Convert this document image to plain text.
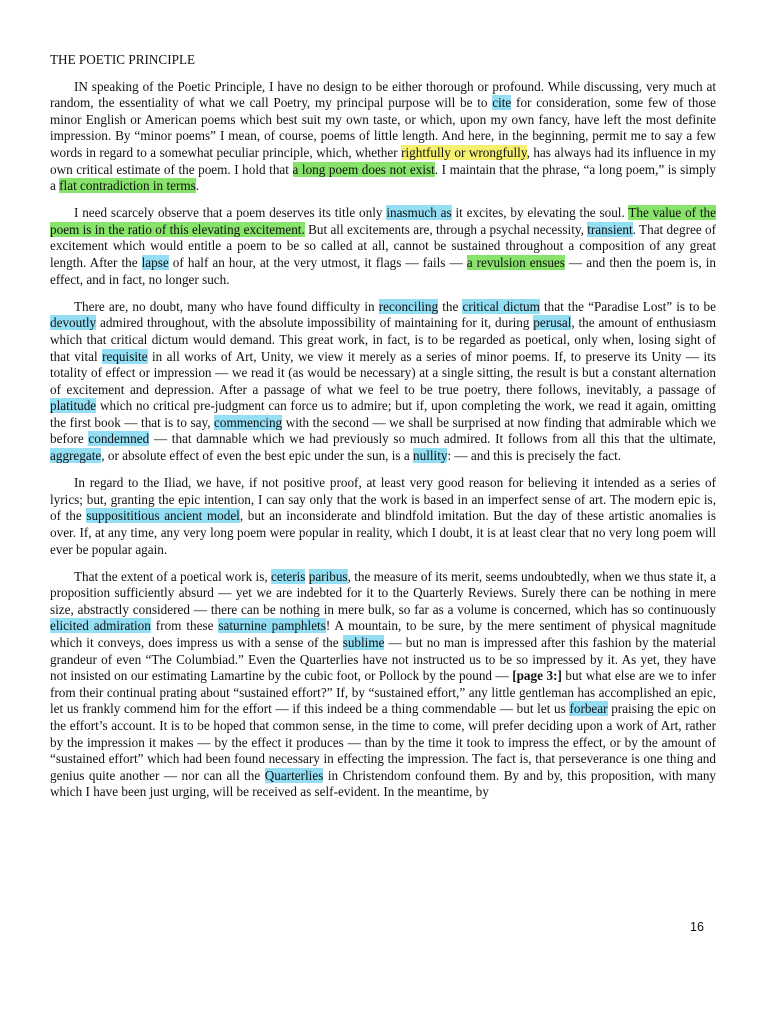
THE POETIC PRINCIPLE

IN speaking of the Poetic Principle, I have no design to be either thorough or profound. While discussing, very much at random, the essentiality of what we call Poetry, my principal purpose will be to cite for consideration, some few of those minor English or American poems which best suit my own taste, or which, upon my own fancy, have left the most definite impression. By “minor poems” I mean, of course, poems of little length. And here, in the beginning, permit me to say a few words in regard to a somewhat peculiar principle, which, whether rightfully or wrongfully, has always had its influence in my own critical estimate of the poem. I hold that a long poem does not exist. I maintain that the phrase, “a long poem,” is simply a flat contradiction in terms.

I need scarcely observe that a poem deserves its title only inasmuch as it excites, by elevating the soul. The value of the poem is in the ratio of this elevating excitement. But all excitements are, through a psychal necessity, transient. That degree of excitement which would entitle a poem to be so called at all, cannot be sustained throughout a composition of any great length. After the lapse of half an hour, at the very utmost, it flags — fails — a revulsion ensues — and then the poem is, in effect, and in fact, no longer such.

There are, no doubt, many who have found difficulty in reconciling the critical dictum that the “Paradise Lost” is to be devoutly admired throughout, with the absolute impossibility of maintaining for it, during perusal, the amount of enthusiasm which that critical dictum would demand. This great work, in fact, is to be regarded as poetical, only when, losing sight of that vital requisite in all works of Art, Unity, we view it merely as a series of minor poems. If, to preserve its Unity — its totality of effect or impression — we read it (as would be necessary) at a single sitting, the result is but a constant alternation of excitement and depression. After a passage of what we feel to be true poetry, there follows, inevitably, a passage of platitude which no critical pre-judgment can force us to admire; but if, upon completing the work, we read it again, omitting the first book — that is to say, commencing with the second — we shall be surprised at now finding that admirable which we before condemned — that damnable which we had previously so much admired. It follows from all this that the ultimate, aggregate, or absolute effect of even the best epic under the sun, is a nullity: — and this is precisely the fact.

In regard to the Iliad, we have, if not positive proof, at least very good reason for believing it intended as a series of lyrics; but, granting the epic intention, I can say only that the work is based in an imperfect sense of art. The modern epic is, of the supposititious ancient model, but an inconsiderate and blindfold imitation. But the day of these artistic anomalies is over. If, at any time, any very long poem were popular in reality, which I doubt, it is at least clear that no very long poem will ever be popular again.

That the extent of a poetical work is, ceteris paribus, the measure of its merit, seems undoubtedly, when we thus state it, a proposition sufficiently absurd — yet we are indebted for it to the Quarterly Reviews. Surely there can be nothing in mere size, abstractly considered — there can be nothing in mere bulk, so far as a volume is concerned, which has so continuously elicited admiration from these saturnine pamphlets! A mountain, to be sure, by the mere sentiment of physical magnitude which it conveys, does impress us with a sense of the sublime — but no man is impressed after this fashion by the material grandeur of even “The Columbiad.” Even the Quarterlies have not instructed us to be so impressed by it. As yet, they have not insisted on our estimating Lamartine by the cubic foot, or Pollock by the pound — [page 3:] but what else are we to infer from their continual prating about “sustained effort?” If, by “sustained effort,” any little gentleman has accomplished an epic, let us frankly commend him for the effort — if this indeed be a thing commendable — but let us forbear praising the epic on the effort’s account. It is to be hoped that common sense, in the time to come, will prefer deciding upon a work of Art, rather by the impression it makes — by the effect it produces — than by the time it took to impress the effect, or by the amount of “sustained effort” which had been found necessary in effecting the impression. The fact is, that perseverance is one thing and genius quite another — nor can all the Quarterlies in Christendom confound them. By and by, this proposition, with many which I have been just urging, will be received as self-evident. In the meantime, by

16
